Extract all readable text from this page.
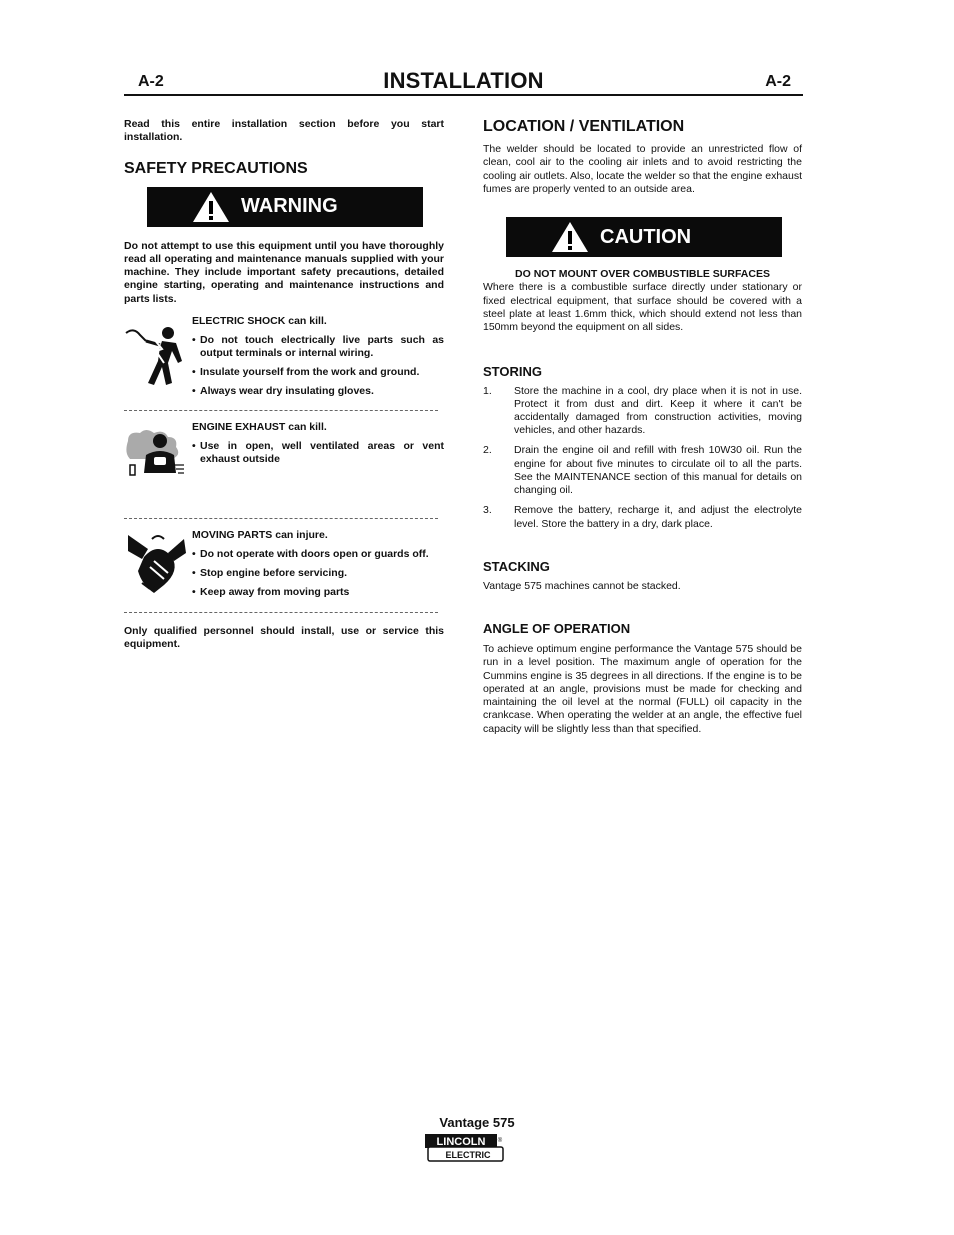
A-2	INSTALLATION	A-2

Read this entire installation section before you start installation.

SAFETY PRECAUTIONS
WARNING

Do not attempt to use this equipment until you have thoroughly read all operating and maintenance manuals supplied with your machine. They include important safety precautions, detailed engine starting, operating and maintenance instructions and parts lists.

ELECTRIC SHOCK can kill.
• Do not touch electrically live parts such as output terminals or internal wiring.
• Insulate yourself from the work and ground.
• Always wear dry insulating gloves.
ENGINE EXHAUST can kill.
• Use in open, well ventilated areas or vent exhaust outside
MOVING PARTS can injure.
• Do not operate with doors open or guards off.
• Stop engine before servicing.
• Keep away from moving parts

Only qualified personnel should install, use or service this equipment.

LOCATION / VENTILATION

The welder should be located to provide an unrestricted flow of clean, cool air to the cooling air inlets and to avoid restricting the cooling air outlets. Also, locate the welder so that the engine exhaust fumes are properly vented to an outside area.

CAUTION

DO NOT MOUNT OVER COMBUSTIBLE SURFACES

Where there is a combustible surface directly under stationary or fixed electrical equipment, that surface should be covered with a steel plate at least 1.6mm thick, which should extend not less than 150mm beyond the equipment on all sides.

STORING
1.	Store the machine in a cool, dry place when it is not in use. Protect it from dust and dirt. Keep it where it can't be accidentally damaged from construction activities, moving vehicles, and other hazards.
2.	Drain the engine oil and refill with fresh 10W30 oil. Run the engine for about five minutes to circulate oil to all the parts. See the MAINTENANCE section of this manual for details on changing oil.
3.	Remove the battery, recharge it, and adjust the electrolyte level. Store the battery in a dry, dark place.
STACKING

Vantage 575 machines cannot be stacked.

ANGLE OF OPERATION

To achieve optimum engine performance the Vantage 575 should be run in a level position. The maximum angle of operation for the Cummins engine is 35 degrees in all directions. If the engine is to be operated at an angle, provisions must be made for checking and maintaining the oil level at the normal (FULL) oil capacity in the crankcase. When operating the welder at an angle, the effective fuel capacity will be slightly less than that specified.

Vantage 575
LINCOLN
ELECTRIC
®
